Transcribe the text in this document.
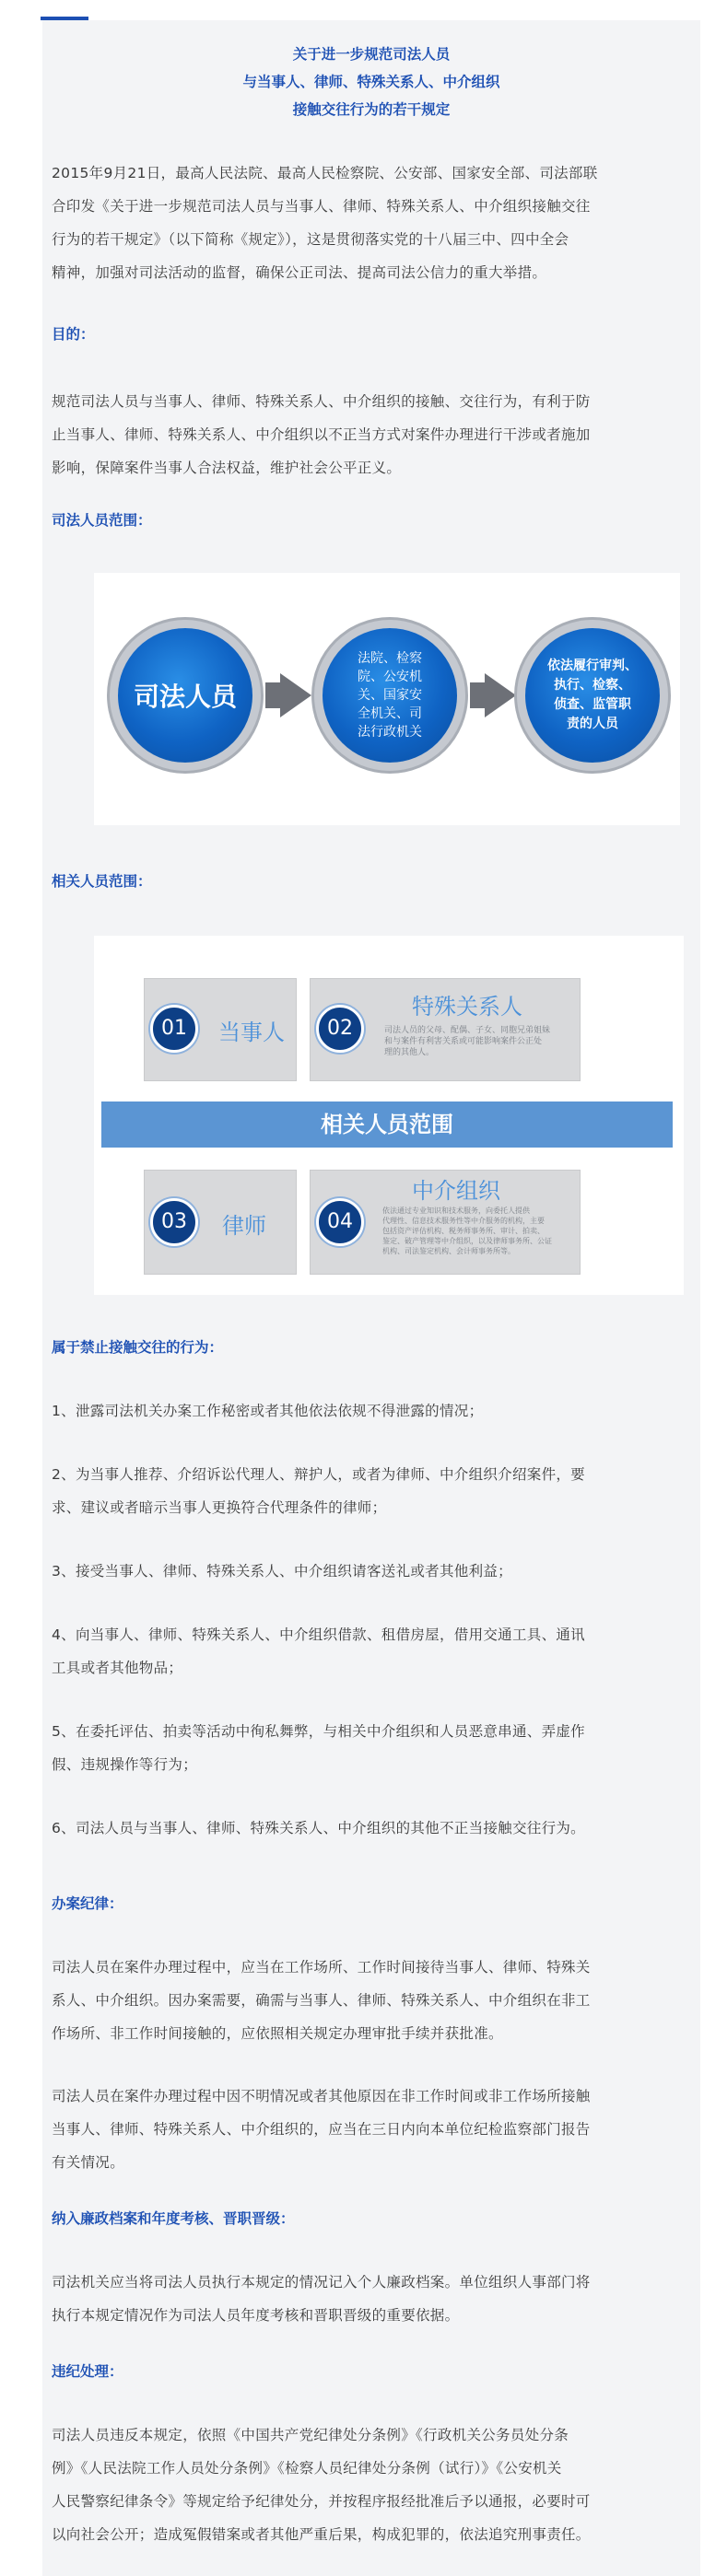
关于进一步规范司法人员
与当事人、律师、特殊关系人、中介组织
接触交往行为的若干规定

2015年9月21日，最高人民法院、最高人民检察院、公安部、国家安全部、司法部联

合印发《关于进一步规范司法人员与当事人、律师、特殊关系人、中介组织接触交往

行为的若干规定》（以下简称《规定》），这是贯彻落实党的十八届三中、四中全会

精神，加强对司法活动的监督，确保公正司法、提高司法公信力的重大举措。

目的：

规范司法人员与当事人、律师、特殊关系人、中介组织的接触、交往行为，有利于防

止当事人、律师、特殊关系人、中介组织以不正当方式对案件办理进行干涉或者施加

影响，保障案件当事人合法权益，维护社会公平正义。

司法人员范围：
相关人员范围：
属于禁止接触交往的行为：

1、泄露司法机关办案工作秘密或者其他依法依规不得泄露的情况；

2、为当事人推荐、介绍诉讼代理人、辩护人，或者为律师、中介组织介绍案件，要

求、建议或者暗示当事人更换符合代理条件的律师；

3、接受当事人、律师、特殊关系人、中介组织请客送礼或者其他利益；

4、向当事人、律师、特殊关系人、中介组织借款、租借房屋，借用交通工具、通讯

工具或者其他物品；

5、在委托评估、拍卖等活动中徇私舞弊，与相关中介组织和人员恶意串通、弄虚作

假、违规操作等行为；

6、司法人员与当事人、律师、特殊关系人、中介组织的其他不正当接触交往行为。

办案纪律：

司法人员在案件办理过程中，应当在工作场所、工作时间接待当事人、律师、特殊关

系人、中介组织。因办案需要，确需与当事人、律师、特殊关系人、中介组织在非工

作场所、非工作时间接触的，应依照相关规定办理审批手续并获批准。

司法人员在案件办理过程中因不明情况或者其他原因在非工作时间或非工作场所接触

当事人、律师、特殊关系人、中介组织的，应当在三日内向本单位纪检监察部门报告

有关情况。

纳入廉政档案和年度考核、晋职晋级：

司法机关应当将司法人员执行本规定的情况记入个人廉政档案。单位组织人事部门将

执行本规定情况作为司法人员年度考核和晋职晋级的重要依据。

违纪处理：

司法人员违反本规定，依照《中国共产党纪律处分条例》《行政机关公务员处分条

例》《人民法院工作人员处分条例》《检察人员纪律处分条例（试行）》《公安机关

人民警察纪律条令》等规定给予纪律处分，并按程序报经批准后予以通报，必要时可

以向社会公开；造成冤假错案或者其他严重后果，构成犯罪的，依法追究刑事责任。

司法人员
法院、检察
院、公安机
关、国家安
全机关、司
法行政机关
依法履行审判、
执行、检察、
侦查、监管职
责的人员
01	当事人	02
特殊关系人
司法人员的父母、配偶、子女、同胞兄弟姐妹
和与案件有利害关系或可能影响案件公正处
理的其他人。
相关人员范围
03	律师	04
中介组织
依法通过专业知识和技术服务，向委托人提供
代理性、信息技术服务性等中介服务的机构，主要
包括资产评估机构、税务师事务所、审计、拍卖、
鉴定、破产管理等中介组织，以及律师事务所、公证
机构、司法鉴定机构、会计师事务所等。
